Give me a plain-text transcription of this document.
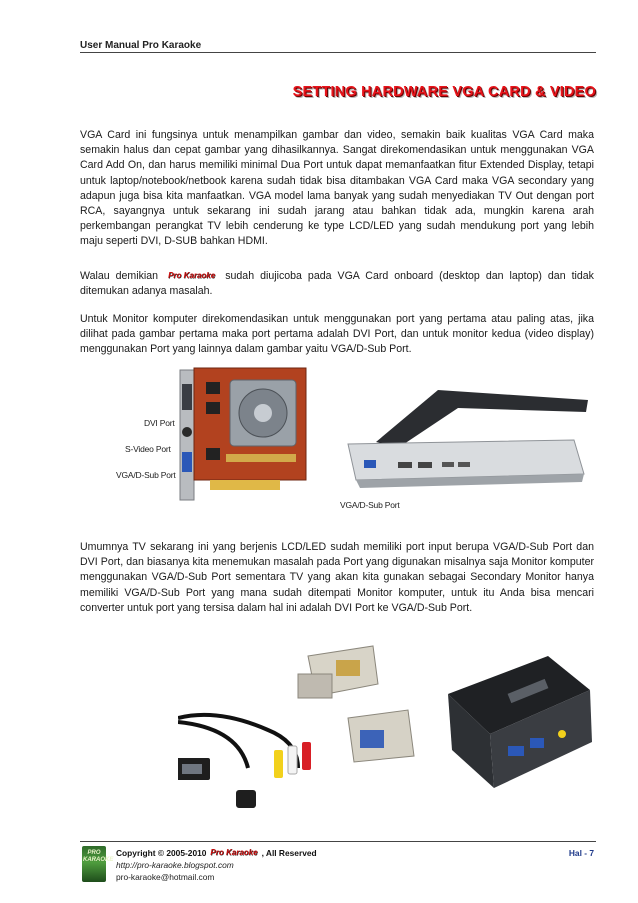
User Manual Pro Karaoke
SETTING HARDWARE VGA CARD & VIDEO
VGA Card ini fungsinya untuk menampilkan gambar dan video, semakin baik kualitas VGA Card maka semakin halus dan cepat gambar yang dihasilkannya. Sangat direkomendasikan untuk menggunakan VGA Card Add On, dan harus memiliki minimal Dua Port untuk dapat memanfaatkan fitur Extended Display, tetapi untuk laptop/notebook/netbook karena sudah tidak bisa ditambakan VGA Card maka VGA secondary yang adapun juga bisa kita manfaatkan. VGA model lama banyak yang sudah menyediakan TV Out dengan port RCA, sayangnya untuk sekarang ini sudah jarang atau bahkan tidak ada, mungkin karena arah perkembangan perangkat TV lebih cenderung ke type LCD/LED yang sudah mendukung port yang lebih maju seperti DVI, D-SUB bahkan HDMI.
Walau demikian Pro Karaoke sudah diujicoba pada VGA Card onboard (desktop dan laptop) dan tidak ditemukan adanya masalah.
Untuk Monitor komputer direkomendasikan untuk menggunakan port yang pertama atau paling atas, jika dilihat pada gambar pertama maka port pertama adalah DVI Port, dan untuk monitor kedua (video display) menggunakan Port yang lainnya dalam gambar yaitu VGA/D-Sub Port.
DVI Port
S-Video Port
VGA/D-Sub Port
VGA/D-Sub Port
Umumnya TV sekarang ini yang berjenis LCD/LED sudah memiliki port input berupa VGA/D-Sub Port dan DVI Port, dan biasanya kita menemukan masalah pada Port yang digunakan misalnya saja Monitor komputer menggunakan VGA/D-Sub Port sementara TV yang akan kita gunakan sebagai Secondary Monitor hanya memiliki VGA/D-Sub Port yang mana sudah ditempati Monitor komputer, untuk itu Anda bisa mencari converter untuk port yang tersisa dalam hal ini adalah DVI Port ke VGA/D-Sub Port.
PRO KARAOKE
Copyright © 2005-2010 Pro Karaoke , All Reserved
http://pro-karaoke.blogspot.com
pro-karaoke@hotmail.com
Hal - 7
